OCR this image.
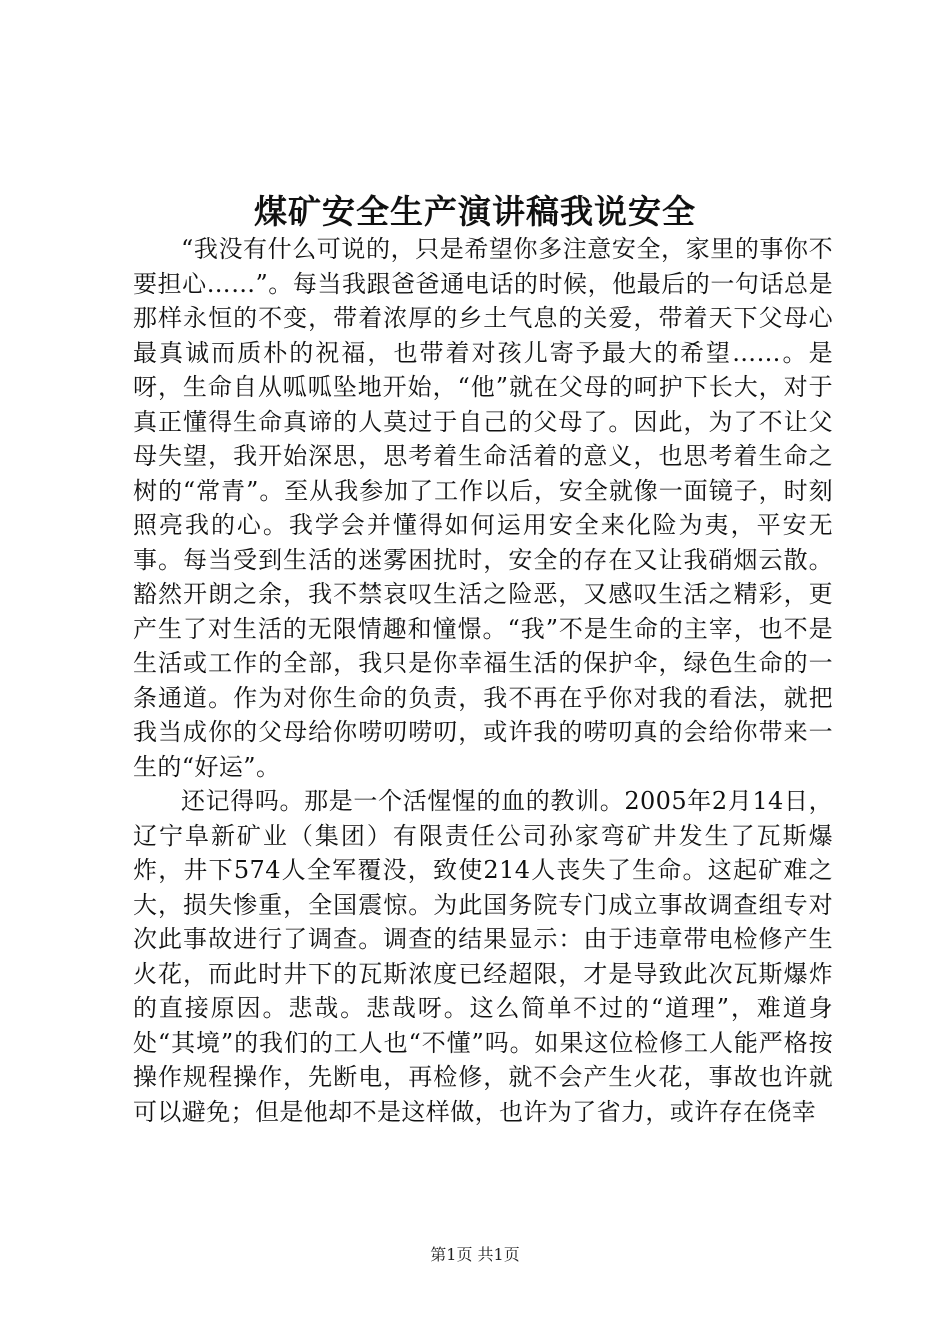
煤矿安全生产演讲稿我说安全

“我没有什么可说的，只是希望你多注意安全，家里的事你不要担心……”。每当我跟爸爸通电话的时候，他最后的一句话总是那样永恒的不变，带着浓厚的乡土气息的关爱，带着天下父母心最真诚而质朴的祝福，也带着对孩儿寄予最大的希望……。是呀，生命自从呱呱坠地开始，“他”就在父母的呵护下长大，对于真正懂得生命真谛的人莫过于自己的父母了。因此，为了不让父母失望，我开始深思，思考着生命活着的意义，也思考着生命之树的“常青”。至从我参加了工作以后，安全就像一面镜子，时刻照亮我的心。我学会并懂得如何运用安全来化险为夷，平安无事。每当受到生活的迷雾困扰时，安全的存在又让我硝烟云散。豁然开朗之余，我不禁哀叹生活之险恶，又感叹生活之精彩，更产生了对生活的无限情趣和憧憬。“我”不是生命的主宰，也不是生活或工作的全部，我只是你幸福生活的保护伞，绿色生命的一条通道。作为对你生命的负责，我不再在乎你对我的看法，就把我当成你的父母给你唠叨唠叨，或许我的唠叨真的会给你带来一生的“好运”。

还记得吗。那是一个活惺惺的血的教训。2005年2月14日，辽宁阜新矿业（集团）有限责任公司孙家弯矿井发生了瓦斯爆炸，井下574人全军覆没，致使214人丧失了生命。这起矿难之大，损失惨重，全国震惊。为此国务院专门成立事故调查组专对次此事故进行了调查。调查的结果显示：由于违章带电检修产生火花，而此时井下的瓦斯浓度已经超限，才是导致此次瓦斯爆炸的直接原因。悲哉。悲哉呀。这么简单不过的“道理”，难道身处“其境”的我们的工人也“不懂”吗。如果这位检修工人能严格按操作规程操作，先断电，再检修，就不会产生火花，事故也许就可以避免；但是他却不是这样做，也许为了省力，或许存在侥幸

第1页 共1页
